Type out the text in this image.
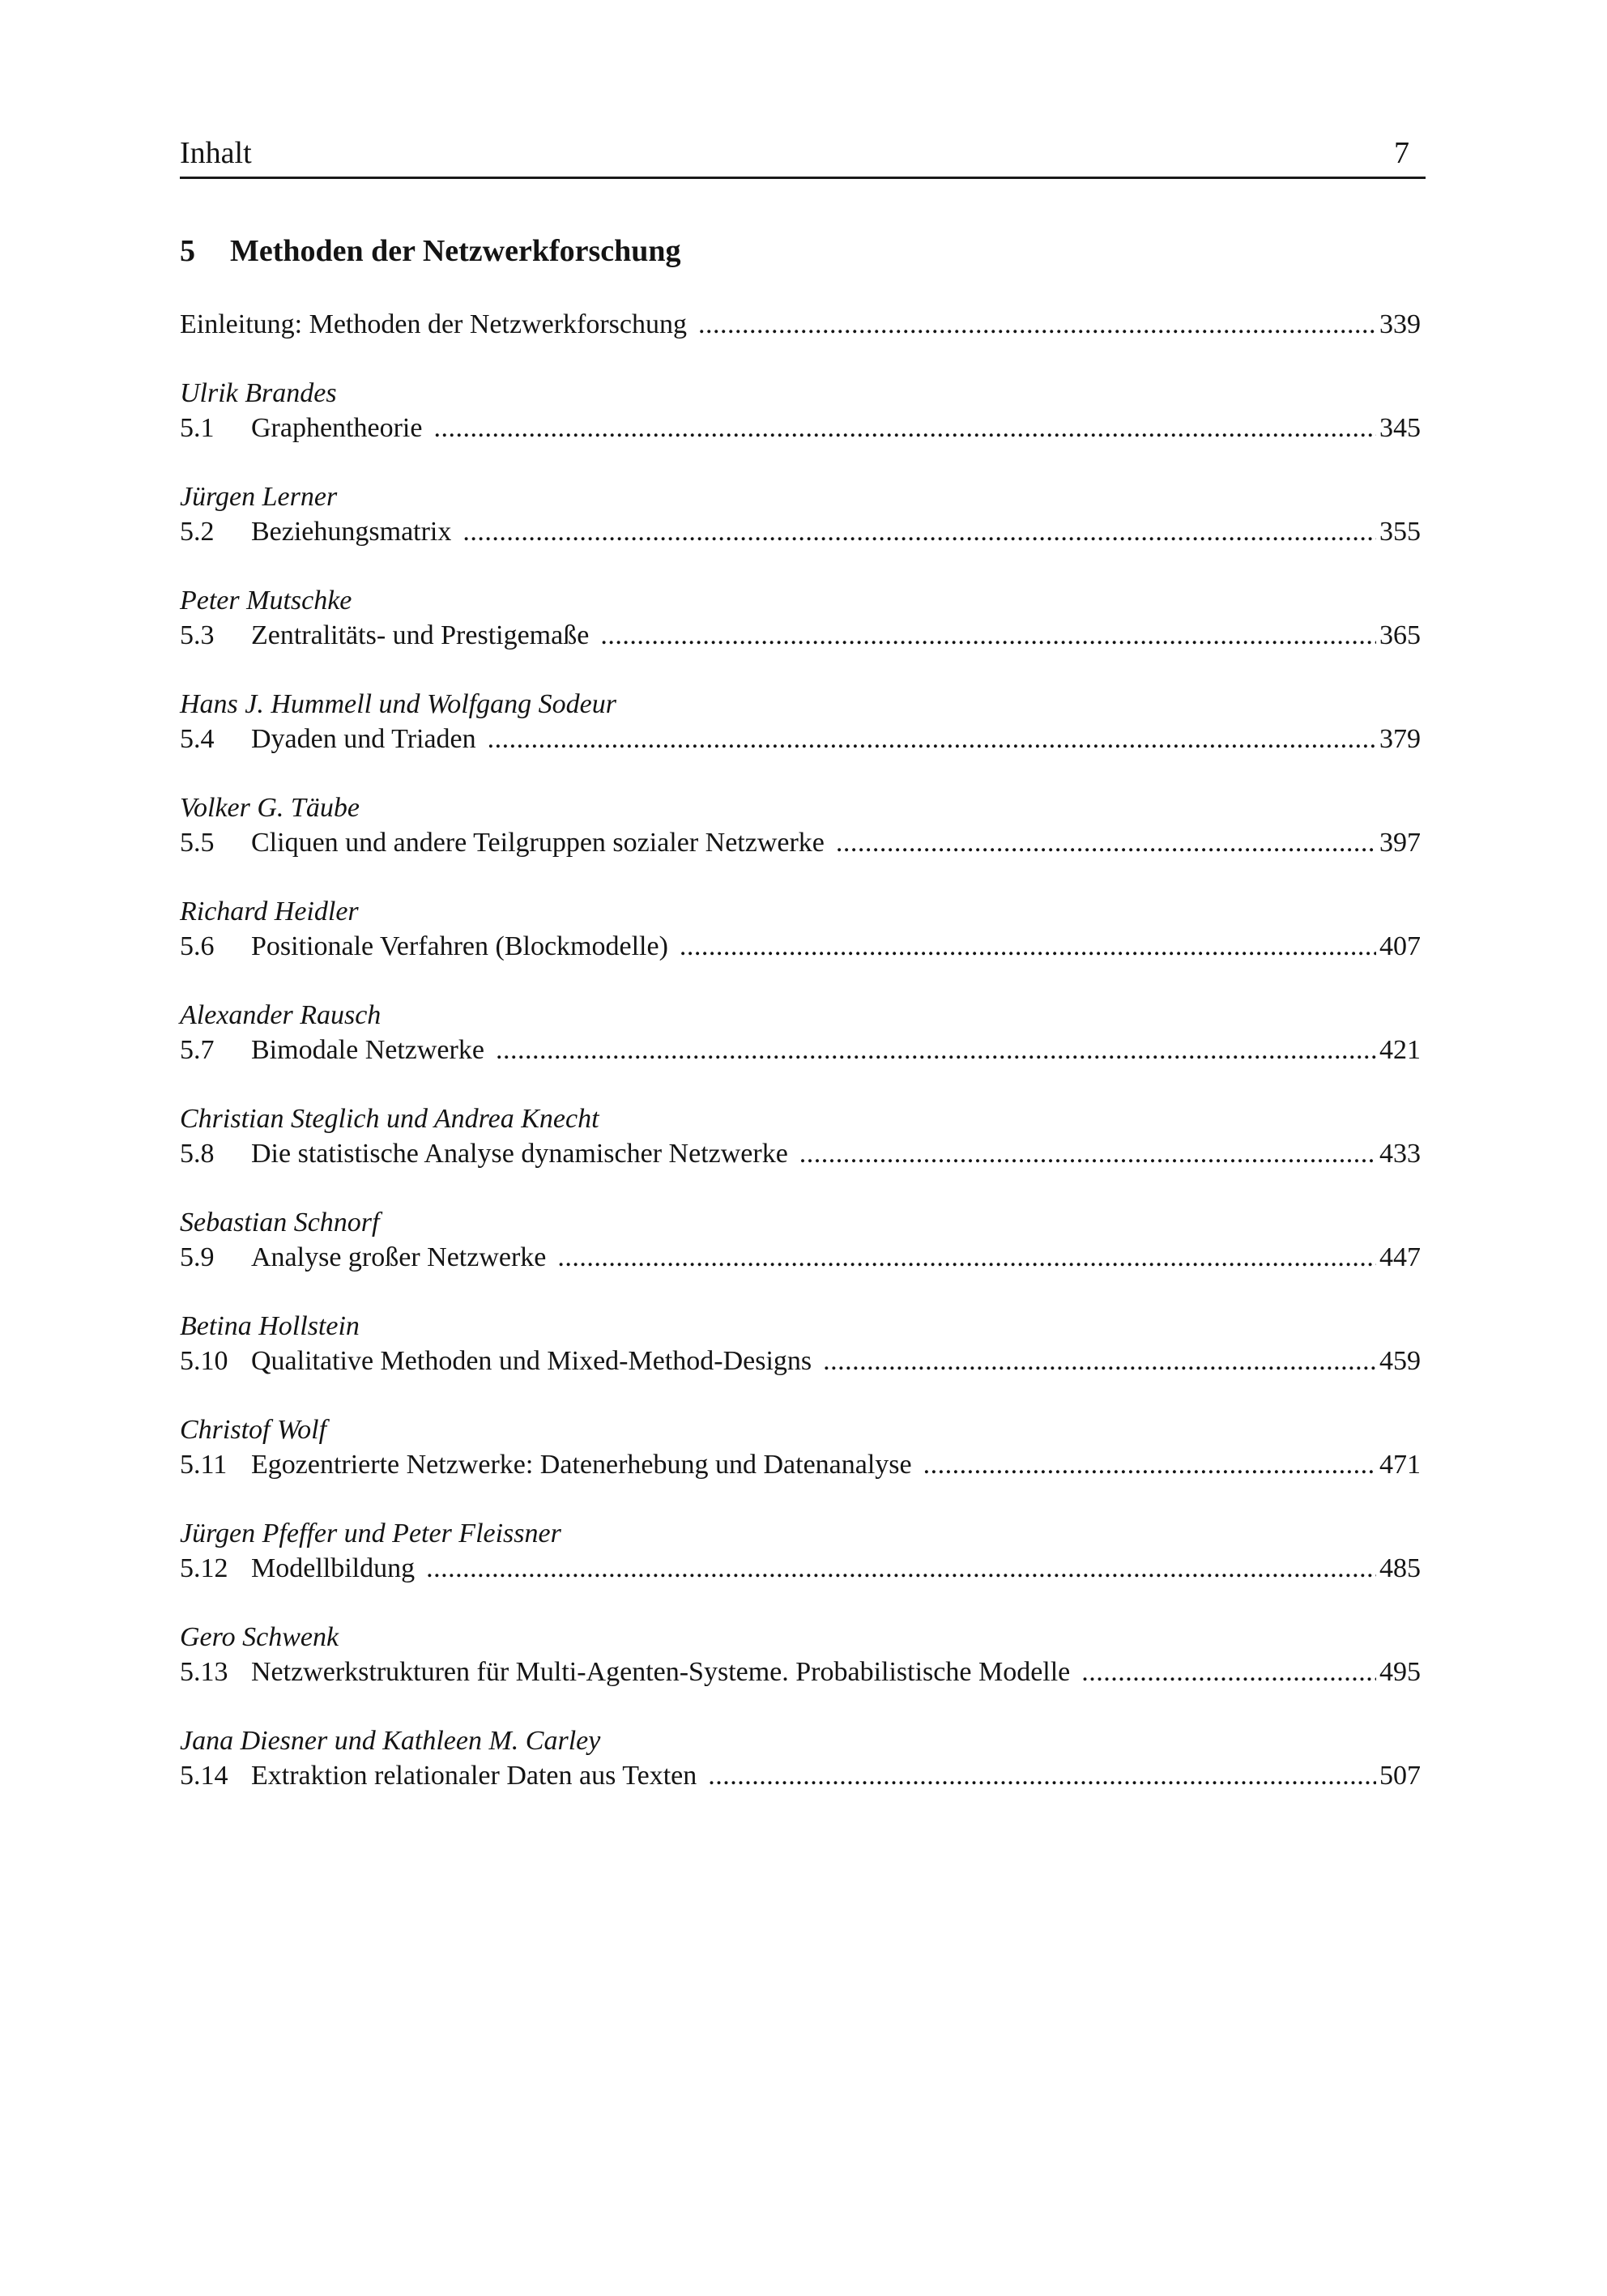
Inhalt	7
5	Methoden der Netzwerkforschung
Einleitung: Methoden der Netzwerkforschung . . .	339
Ulrik Brandes
5.1 Graphentheorie . . .	345
Jürgen Lerner
5.2 Beziehungsmatrix . . .	355
Peter Mutschke
5.3 Zentralitäts- und Prestigemaße . . .	365
Hans J. Hummell und Wolfgang Sodeur
5.4 Dyaden und Triaden . . .	379
Volker G. Täube
5.5 Cliquen und andere Teilgruppen sozialer Netzwerke . . .	397
Richard Heidler
5.6 Positionale Verfahren (Blockmodelle) . . .	407
Alexander Rausch
5.7 Bimodale Netzwerke . . .	421
Christian Steglich und Andrea Knecht
5.8 Die statistische Analyse dynamischer Netzwerke . . .	433
Sebastian Schnorf
5.9 Analyse großer Netzwerke . . .	447
Betina Hollstein
5.10 Qualitative Methoden und Mixed-Method-Designs . . .	459
Christof Wolf
5.11 Egozentrierte Netzwerke: Datenerhebung und Datenanalyse . . .	471
Jürgen Pfeffer und Peter Fleissner
5.12 Modellbildung . . .	485
Gero Schwenk
5.13 Netzwerkstrukturen für Multi-Agenten-Systeme. Probabilistische Modelle . . .	495
Jana Diesner und Kathleen M. Carley
5.14 Extraktion relationaler Daten aus Texten . . .	507
